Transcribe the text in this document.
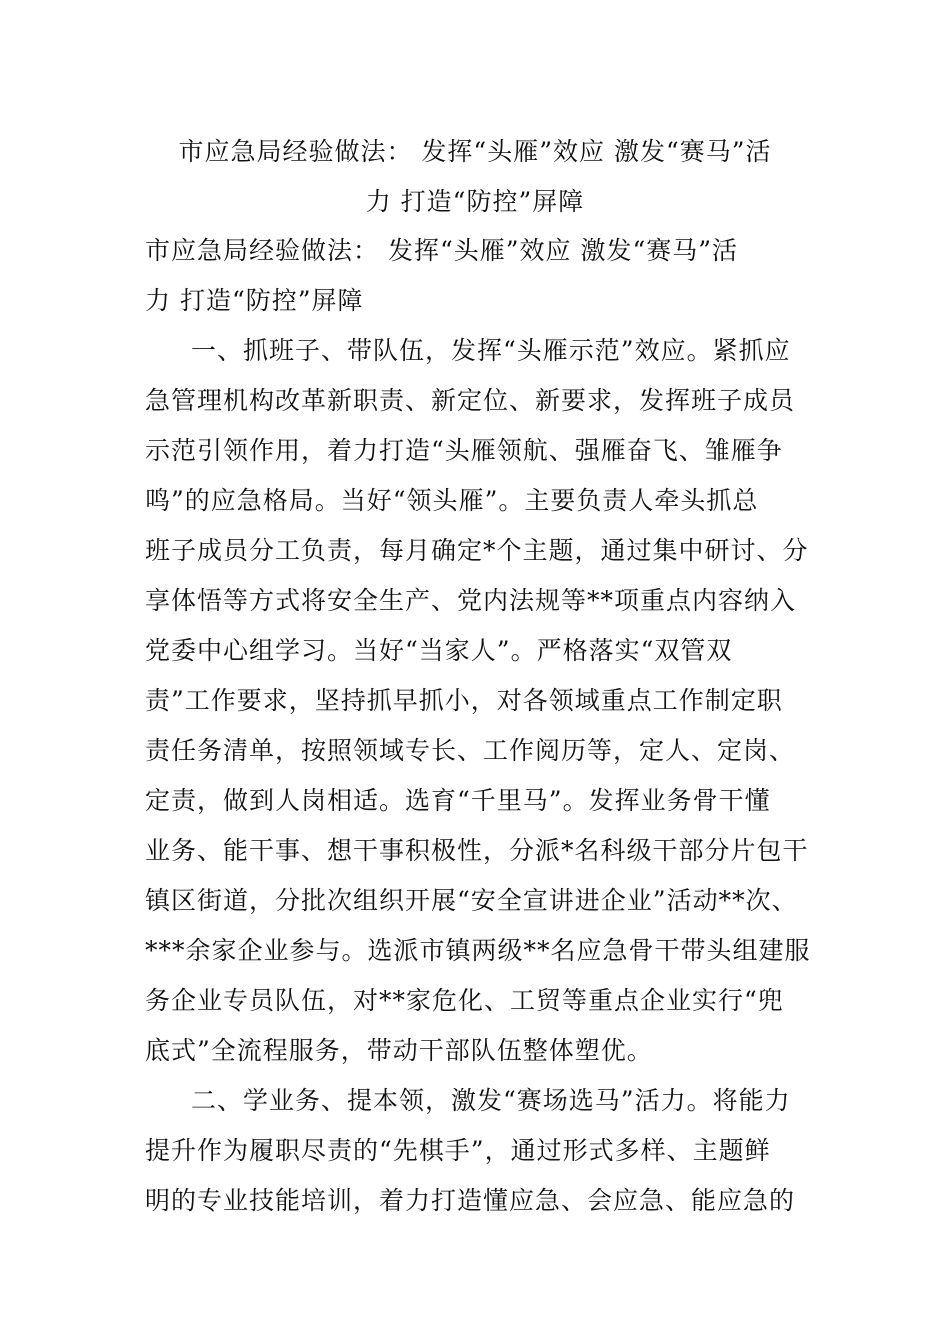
市应急局经验做法： 发挥“头雁”效应 激发“赛马”活
力 打造“防控”屏障
市应急局经验做法： 发挥“头雁”效应 激发“赛马”活
力 打造“防控”屏障
一、抓班子、带队伍，发挥“头雁示范”效应。紧抓应
急管理机构改革新职责、新定位、新要求，发挥班子成员
示范引领作用，着力打造“头雁领航、强雁奋飞、雏雁争
鸣”的应急格局。当好“领头雁”。主要负责人牵头抓总
班子成员分工负责，每月确定*个主题，通过集中研讨、分
享体悟等方式将安全生产、党内法规等**项重点内容纳入
党委中心组学习。当好“当家人”。严格落实“双管双
责”工作要求，坚持抓早抓小，对各领域重点工作制定职
责任务清单，按照领域专长、工作阅历等，定人、定岗、
定责，做到人岗相适。选育“千里马”。发挥业务骨干懂
业务、能干事、想干事积极性，分派*名科级干部分片包干
镇区街道，分批次组织开展“安全宣讲进企业”活动**次、
***余家企业参与。选派市镇两级**名应急骨干带头组建服
务企业专员队伍，对**家危化、工贸等重点企业实行“兜
底式”全流程服务，带动干部队伍整体塑优。
二、学业务、提本领，激发“赛场选马”活力。将能力
提升作为履职尽责的“先棋手”，通过形式多样、主题鲜
明的专业技能培训，着力打造懂应急、会应急、能应急的
